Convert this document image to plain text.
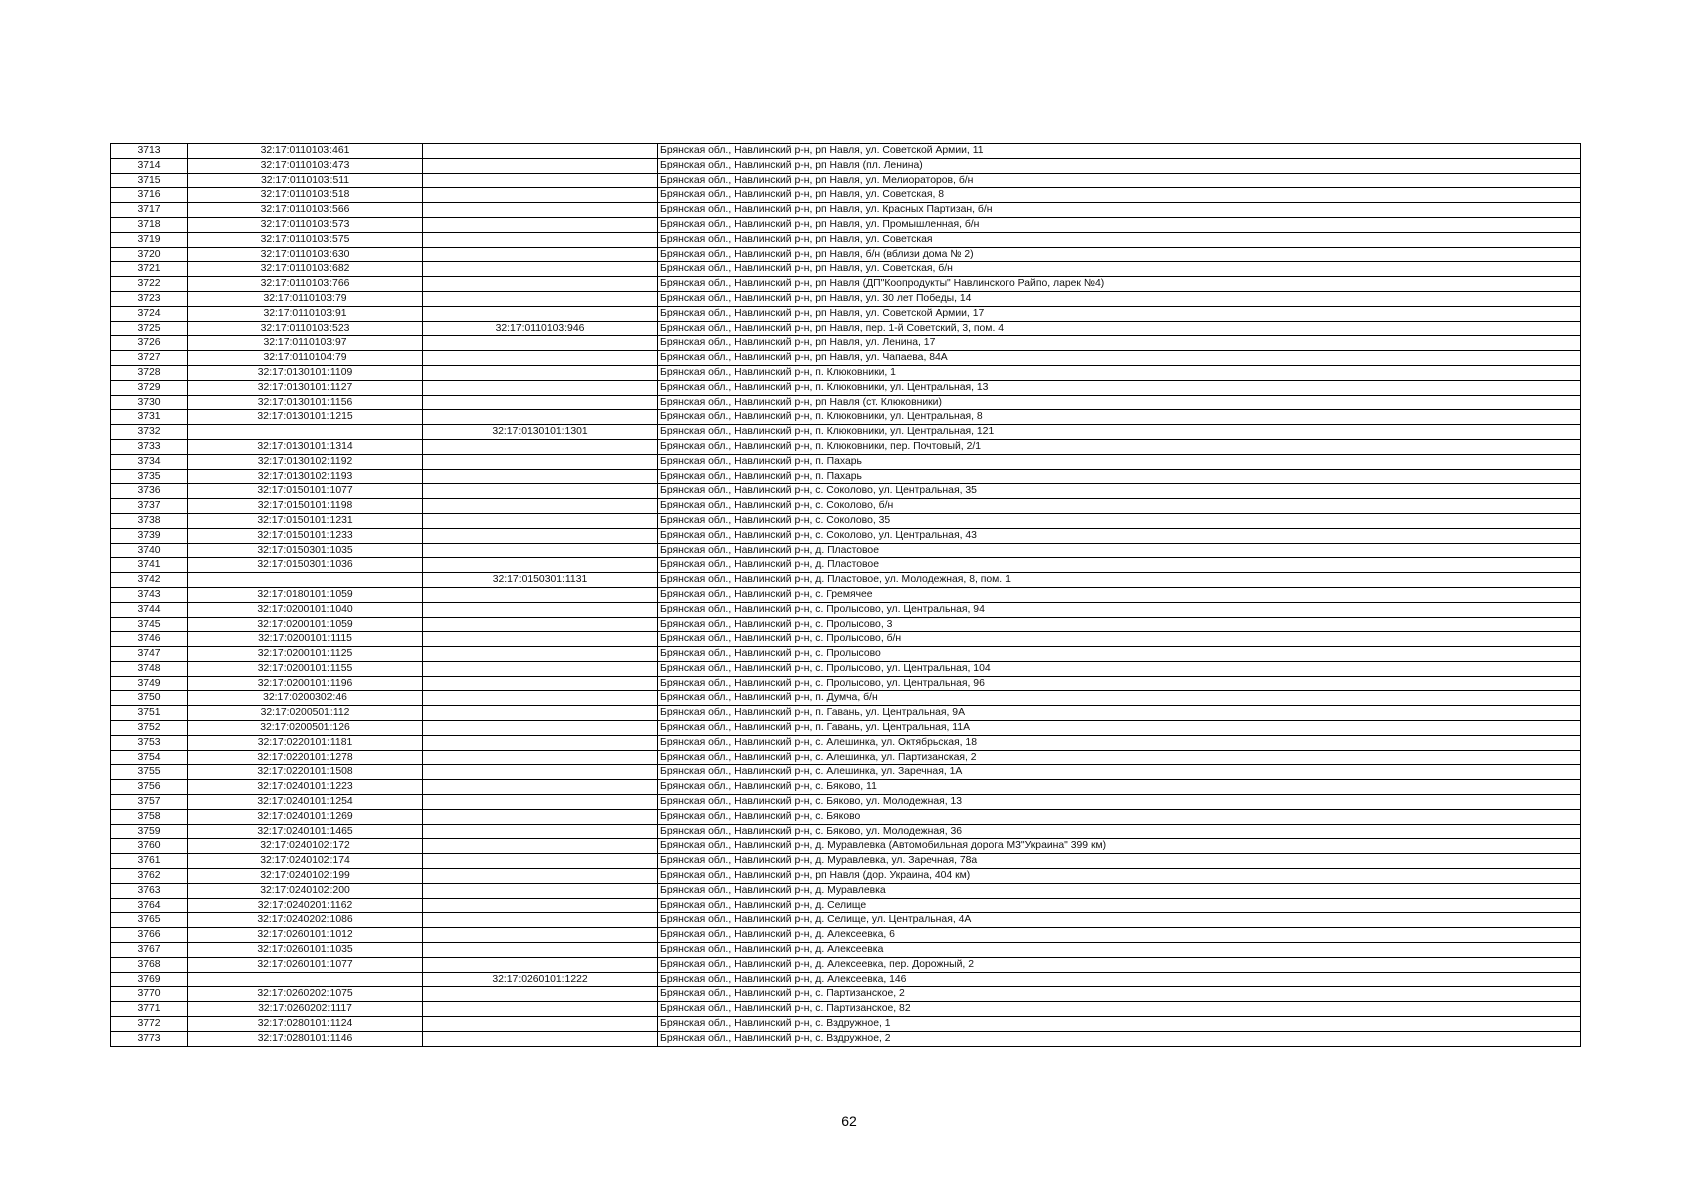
3713	32:17:0110103:461		Брянская обл., Навлинский р-н, рп Навля, ул. Советской Армии, 11
3714	32:17:0110103:473		Брянская обл., Навлинский р-н, рп Навля (пл. Ленина)
3715	32:17:0110103:511		Брянская обл., Навлинский р-н, рп Навля, ул. Мелиораторов, б/н
3716	32:17:0110103:518		Брянская обл., Навлинский р-н, рп Навля, ул. Советская, 8
3717	32:17:0110103:566		Брянская обл., Навлинский р-н, рп Навля, ул. Красных Партизан, б/н
3718	32:17:0110103:573		Брянская обл., Навлинский р-н, рп Навля, ул. Промышленная, б/н
3719	32:17:0110103:575		Брянская обл., Навлинский р-н, рп Навля, ул. Советская
3720	32:17:0110103:630		Брянская обл., Навлинский р-н, рп Навля, б/н (вблизи дома № 2)
3721	32:17:0110103:682		Брянская обл., Навлинский р-н, рп Навля, ул. Советская, б/н
3722	32:17:0110103:766		Брянская обл., Навлинский р-н, рп Навля (ДП"Коопродукты" Навлинского Райпо, ларек №4)
3723	32:17:0110103:79		Брянская обл., Навлинский р-н, рп Навля, ул. 30 лет Победы, 14
3724	32:17:0110103:91		Брянская обл., Навлинский р-н, рп Навля, ул. Советской Армии, 17
3725	32:17:0110103:523	32:17:0110103:946	Брянская обл., Навлинский р-н, рп Навля, пер. 1-й Советский, 3, пом. 4
3726	32:17:0110103:97		Брянская обл., Навлинский р-н, рп Навля, ул. Ленина, 17
3727	32:17:0110104:79		Брянская обл., Навлинский р-н, рп Навля, ул. Чапаева, 84А
3728	32:17:0130101:1109		Брянская обл., Навлинский р-н, п. Клюковники, 1
3729	32:17:0130101:1127		Брянская обл., Навлинский р-н, п. Клюковники, ул. Центральная, 13
3730	32:17:0130101:1156		Брянская обл., Навлинский р-н, рп Навля (ст. Клюковники)
3731	32:17:0130101:1215		Брянская обл., Навлинский р-н, п. Клюковники, ул. Центральная, 8
3732		32:17:0130101:1301	Брянская обл., Навлинский р-н, п. Клюковники, ул. Центральная, 121
3733	32:17:0130101:1314		Брянская обл., Навлинский р-н, п. Клюковники, пер. Почтовый, 2/1
3734	32:17:0130102:1192		Брянская обл., Навлинский р-н, п. Пахарь
3735	32:17:0130102:1193		Брянская обл., Навлинский р-н, п. Пахарь
3736	32:17:0150101:1077		Брянская обл., Навлинский р-н, с. Соколово, ул. Центральная, 35
3737	32:17:0150101:1198		Брянская обл., Навлинский р-н, с. Соколово, б/н
3738	32:17:0150101:1231		Брянская обл., Навлинский р-н, с. Соколово, 35
3739	32:17:0150101:1233		Брянская обл., Навлинский р-н, с. Соколово, ул. Центральная, 43
3740	32:17:0150301:1035		Брянская обл., Навлинский р-н, д. Пластовое
3741	32:17:0150301:1036		Брянская обл., Навлинский р-н, д. Пластовое
3742		32:17:0150301:1131	Брянская обл., Навлинский р-н, д. Пластовое, ул. Молодежная, 8, пом. 1
3743	32:17:0180101:1059		Брянская обл., Навлинский р-н, с. Гремячее
3744	32:17:0200101:1040		Брянская обл., Навлинский р-н, с. Пролысово, ул. Центральная, 94
3745	32:17:0200101:1059		Брянская обл., Навлинский р-н, с. Пролысово, 3
3746	32:17:0200101:1115		Брянская обл., Навлинский р-н, с. Пролысово, б/н
3747	32:17:0200101:1125		Брянская обл., Навлинский р-н, с. Пролысово
3748	32:17:0200101:1155		Брянская обл., Навлинский р-н, с. Пролысово, ул. Центральная, 104
3749	32:17:0200101:1196		Брянская обл., Навлинский р-н, с. Пролысово, ул. Центральная, 96
3750	32:17:0200302:46		Брянская обл., Навлинский р-н, п. Думча, б/н
3751	32:17:0200501:112		Брянская обл., Навлинский р-н, п. Гавань, ул. Центральная, 9А
3752	32:17:0200501:126		Брянская обл., Навлинский р-н, п. Гавань, ул. Центральная, 11А
3753	32:17:0220101:1181		Брянская обл., Навлинский р-н, с. Алешинка, ул. Октябрьская, 18
3754	32:17:0220101:1278		Брянская обл., Навлинский р-н, с. Алешинка, ул. Партизанская, 2
3755	32:17:0220101:1508		Брянская обл., Навлинский р-н, с. Алешинка, ул. Заречная, 1А
3756	32:17:0240101:1223		Брянская обл., Навлинский р-н, с. Бяково, 11
3757	32:17:0240101:1254		Брянская обл., Навлинский р-н, с. Бяково, ул. Молодежная, 13
3758	32:17:0240101:1269		Брянская обл., Навлинский р-н, с. Бяково
3759	32:17:0240101:1465		Брянская обл., Навлинский р-н, с. Бяково, ул. Молодежная, 36
3760	32:17:0240102:172		Брянская обл., Навлинский р-н, д. Муравлевка (Автомобильная дорога М3"Украина" 399 км)
3761	32:17:0240102:174		Брянская обл., Навлинский р-н, д. Муравлевка, ул. Заречная, 78а
3762	32:17:0240102:199		Брянская обл., Навлинский р-н, рп Навля (дор. Украина, 404 км)
3763	32:17:0240102:200		Брянская обл., Навлинский р-н, д. Муравлевка
3764	32:17:0240201:1162		Брянская обл., Навлинский р-н, д. Селище
3765	32:17:0240202:1086		Брянская обл., Навлинский р-н, д. Селище, ул. Центральная, 4А
3766	32:17:0260101:1012		Брянская обл., Навлинский р-н, д. Алексеевка, 6
3767	32:17:0260101:1035		Брянская обл., Навлинский р-н, д. Алексеевка
3768	32:17:0260101:1077		Брянская обл., Навлинский р-н, д. Алексеевка, пер. Дорожный, 2
3769		32:17:0260101:1222	Брянская обл., Навлинский р-н, д. Алексеевка, 146
3770	32:17:0260202:1075		Брянская обл., Навлинский р-н, с. Партизанское, 2
3771	32:17:0260202:1117		Брянская обл., Навлинский р-н, с. Партизанское, 82
3772	32:17:0280101:1124		Брянская обл., Навлинский р-н, с. Вздружное, 1
3773	32:17:0280101:1146		Брянская обл., Навлинский р-н, с. Вздружное, 2
62
